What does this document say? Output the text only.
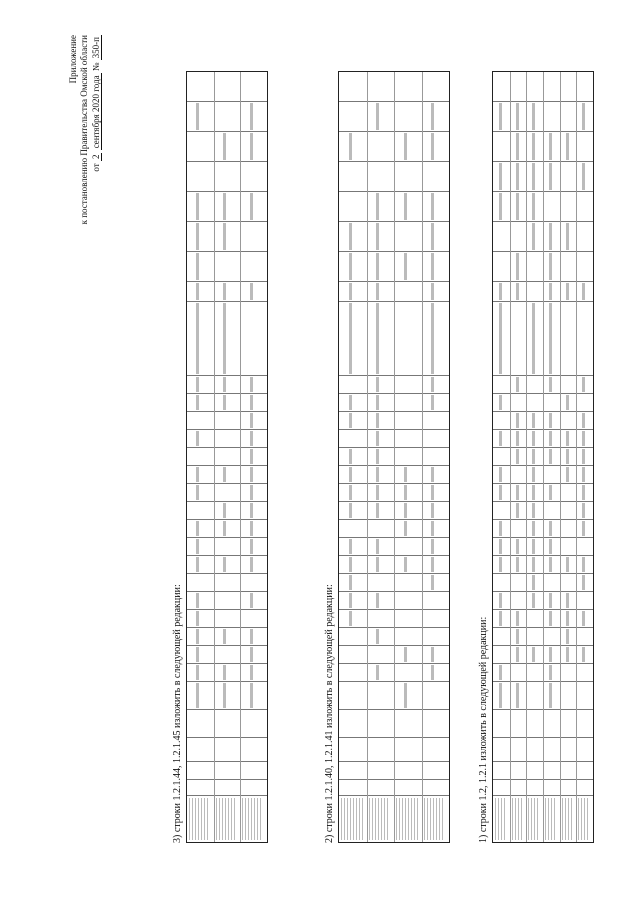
Приложение к постановлению Правительства Омской области от 2 сентября 2020 года № 350-п
1) строки 1.2, 1.2.1 изложить в следующей редакции:
2) строки 1.2.1.40, 1.2.1.41 изложить в следующей редакции:
3) строки 1.2.1.44, 1.2.1.45 изложить в следующей редакции:
